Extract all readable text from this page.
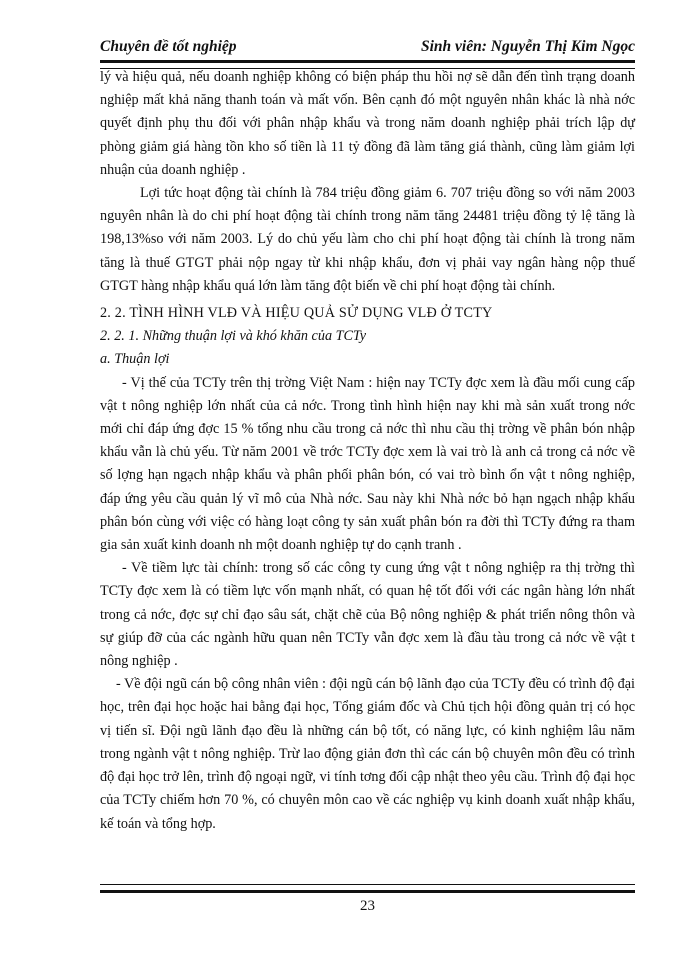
Chuyên đề tốt nghiệp	Sinh viên: Nguyễn Thị Kim Ngọc

lý và hiệu quả, nếu doanh nghiệp không có biện pháp thu hồi nợ sẽ dẫn đến tình trạng doanh nghiệp mất khả năng thanh toán và mất vốn. Bên cạnh đó một nguyên nhân khác là nhà nớc quyết định phụ thu đối với phân nhập khẩu và trong năm doanh nghiệp phải trích lập dự phòng giảm giá hàng tồn kho số tiền là 11 tỷ đồng đã làm tăng giá thành, cũng làm giảm lợi nhuận của doanh nghiệp .

Lợi tức hoạt động tài chính là 784 triệu đồng giảm 6. 707 triệu đồng so với năm 2003 nguyên nhân là do chi phí hoạt động tài chính trong năm tăng 24481 triệu đồng tỷ lệ tăng là 198,13%so với năm 2003. Lý do chủ yếu làm cho chi phí hoạt động tài chính là trong năm tăng là thuế GTGT phải nộp ngay từ khi nhập khẩu, đơn vị phải vay ngân hàng nộp thuế GTGT hàng nhập khẩu quá lớn làm tăng đột biến về chi phí hoạt động tài chính.

2. 2. TÌNH HÌNH VLĐ VÀ HIỆU QUẢ SỬ DỤNG VLĐ Ở TCTY

2. 2. 1. Những thuận lợi và khó khăn của TCTy

a. Thuận lợi

- Vị thế của TCTy trên thị trờng Việt Nam : hiện nay TCTy đợc xem là đầu mối cung cấp vật t nông nghiệp lớn nhất của cả nớc. Trong tình hình hiện nay khi mà sản xuất trong nớc mới chỉ đáp ứng đợc 15 % tổng nhu cầu trong cả nớc thì nhu cầu thị trờng về phân bón nhập khẩu vẫn là chủ yếu. Từ năm 2001 về trớc TCTy đợc xem là vai trò là anh cả trong cả nớc về số lợng hạn ngạch nhập khẩu và phân phối phân bón, có vai trò bình ổn vật t nông nghiệp, đáp ứng yêu cầu quản lý vĩ mô của Nhà nớc. Sau này khi Nhà nớc bỏ hạn ngạch nhập khẩu phân bón cùng với việc có hàng loạt công ty sản xuất phân bón ra đời thì TCTy đứng ra tham gia sản xuất kinh doanh nh một doanh nghiệp tự do cạnh tranh .

- Về tiềm lực tài chính: trong số các công ty cung ứng vật t nông nghiệp ra thị trờng thì TCTy đợc xem là có tiềm lực vốn mạnh nhất, có quan hệ tốt đối với các ngân hàng lớn nhất trong cả nớc, đợc sự chỉ đạo sâu sát, chặt chẽ của Bộ nông nghiệp & phát triển nông thôn và sự giúp đỡ của các ngành hữu quan nên TCTy vẫn đợc xem là đầu tàu trong cả nớc về vật t nông nghiệp .

- Về đội ngũ cán bộ công nhân viên : đội ngũ cán bộ lãnh đạo của TCTy đều có trình độ đại học, trên đại học hoặc hai bằng đại học, Tổng giám đốc và Chủ tịch hội đồng quản trị có học vị tiến sĩ. Đội ngũ lãnh đạo đều là những cán bộ tốt, có năng lực, có kinh nghiệm lâu năm trong ngành vật t nông nghiệp. Trừ lao động giản đơn thì các cán bộ chuyên môn đều có trình độ đại học trở lên, trình độ ngoại ngữ, vi tính tơng đối cập nhật theo yêu cầu. Trình độ đại học của TCTy chiếm hơn 70 %, có chuyên môn cao về các nghiệp vụ kinh doanh xuất nhập khẩu, kế toán và tổng hợp.

23
